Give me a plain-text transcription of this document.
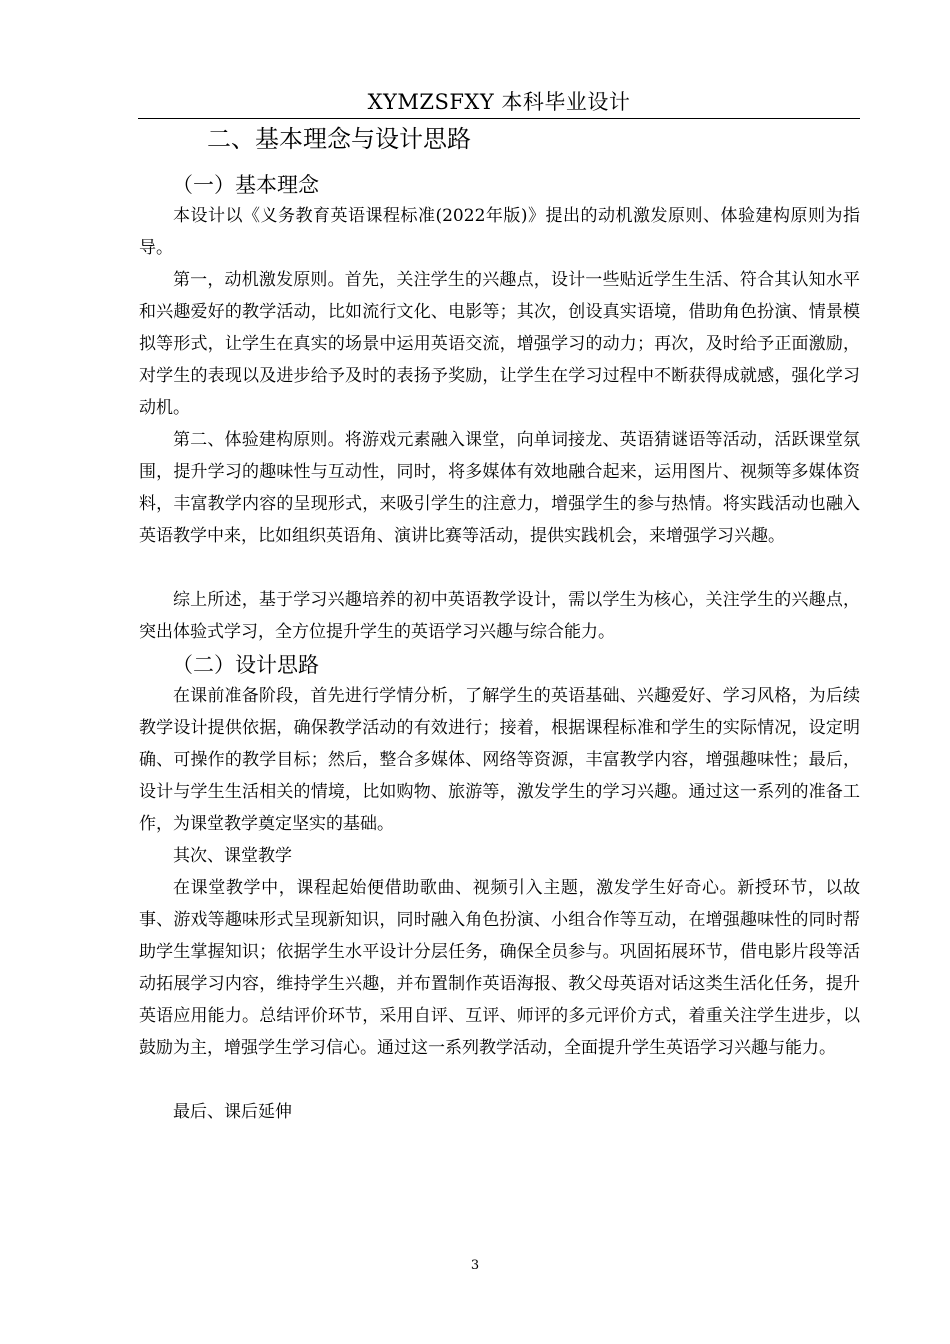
XYMZSFXY 本科毕业设计
二、基本理念与设计思路
（一）基本理念

本设计以《义务教育英语课程标准(2022年版)》提出的动机激发原则、体验建构原则为指导。

第一，动机激发原则。首先，关注学生的兴趣点，设计一些贴近学生生活、符合其认知水平和兴趣爱好的教学活动，比如流行文化、电影等；其次，创设真实语境，借助角色扮演、情景模拟等形式，让学生在真实的场景中运用英语交流，增强学习的动力；再次，及时给予正面激励，对学生的表现以及进步给予及时的表扬予奖励，让学生在学习过程中不断获得成就感，强化学习动机。

第二、体验建构原则。将游戏元素融入课堂，向单词接龙、英语猜谜语等活动，活跃课堂氛围，提升学习的趣味性与互动性，同时，将多媒体有效地融合起来，运用图片、视频等多媒体资料，丰富教学内容的呈现形式，来吸引学生的注意力，增强学生的参与热情。将实践活动也融入英语教学中来，比如组织英语角、演讲比赛等活动，提供实践机会，来增强学习兴趣。

综上所述，基于学习兴趣培养的初中英语教学设计，需以学生为核心，关注学生的兴趣点，突出体验式学习，全方位提升学生的英语学习兴趣与综合能力。

（二）设计思路

在课前准备阶段，首先进行学情分析，了解学生的英语基础、兴趣爱好、学习风格，为后续教学设计提供依据，确保教学活动的有效进行；接着，根据课程标准和学生的实际情况，设定明确、可操作的教学目标；然后，整合多媒体、网络等资源，丰富教学内容，增强趣味性；最后，设计与学生生活相关的情境，比如购物、旅游等，激发学生的学习兴趣。通过这一系列的准备工作，为课堂教学奠定坚实的基础。

其次、课堂教学

在课堂教学中，课程起始便借助歌曲、视频引入主题，激发学生好奇心。新授环节，以故事、游戏等趣味形式呈现新知识，同时融入角色扮演、小组合作等互动，在增强趣味性的同时帮助学生掌握知识；依据学生水平设计分层任务，确保全员参与。巩固拓展环节，借电影片段等活动拓展学习内容，维持学生兴趣，并布置制作英语海报、教父母英语对话这类生活化任务，提升英语应用能力。总结评价环节，采用自评、互评、师评的多元评价方式，着重关注学生进步，以鼓励为主，增强学生学习信心。通过这一系列教学活动，全面提升学生英语学习兴趣与能力。

最后、课后延伸

3
